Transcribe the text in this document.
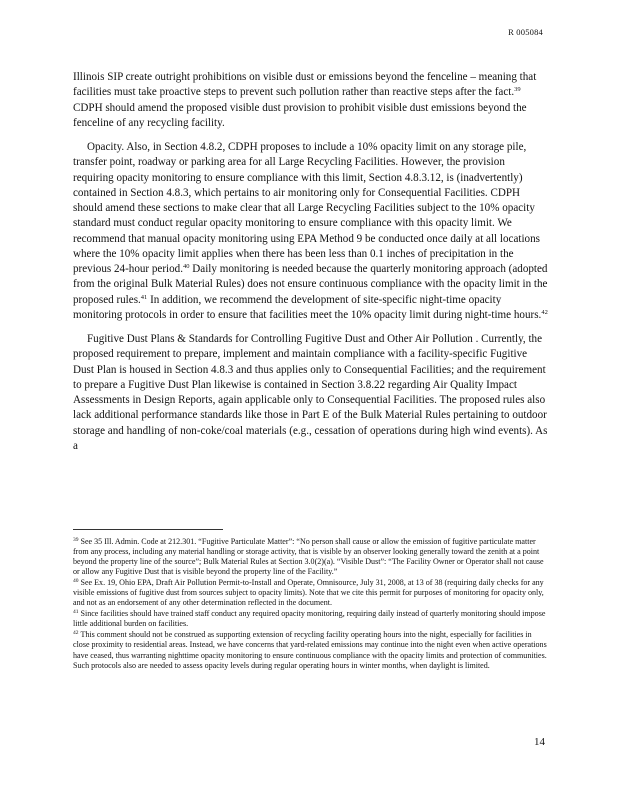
R 005084

Illinois SIP create outright prohibitions on visible dust or emissions beyond the fenceline – meaning that facilities must take proactive steps to prevent such pollution rather than reactive steps after the fact.$^{39}$ CDPH should amend the proposed visible dust provision to prohibit visible dust emissions beyond the fenceline of any recycling facility.

Opacity. Also, in Section 4.8.2, CDPH proposes to include a 10% opacity limit on any storage pile, transfer point, roadway or parking area for all Large Recycling Facilities. However, the provision requiring opacity monitoring to ensure compliance with this limit, Section 4.8.3.12, is (inadvertently) contained in Section 4.8.3, which pertains to air monitoring only for Consequential Facilities. CDPH should amend these sections to make clear that all Large Recycling Facilities subject to the 10% opacity standard must conduct regular opacity monitoring to ensure compliance with this opacity limit. We recommend that manual opacity monitoring using EPA Method 9 be conducted once daily at all locations where the 10% opacity limit applies when there has been less than 0.1 inches of precipitation in the previous 24-hour period.$^{40}$ Daily monitoring is needed because the quarterly monitoring approach (adopted from the original Bulk Material Rules) does not ensure continuous compliance with the opacity limit in the proposed rules.$^{41}$ In addition, we recommend the development of site-specific night-time opacity monitoring protocols in order to ensure that facilities meet the 10% opacity limit during night-time hours.$^{42}$

Fugitive Dust Plans & Standards for Controlling Fugitive Dust and Other Air Pollution . Currently, the proposed requirement to prepare, implement and maintain compliance with a facility-specific Fugitive Dust Plan is housed in Section 4.8.3 and thus applies only to Consequential Facilities; and the requirement to prepare a Fugitive Dust Plan likewise is contained in Section 3.8.22 regarding Air Quality Impact Assessments in Design Reports, again applicable only to Consequential Facilities. The proposed rules also lack additional performance standards like those in Part E of the Bulk Material Rules pertaining to outdoor storage and handling of non-coke/coal materials (e.g., cessation of operations during high wind events). As a

$^{39}$ See 35 Ill. Admin. Code at 212.301. “Fugitive Particulate Matter”: “No person shall cause or allow the emission of fugitive particulate matter from any process, including any material handling or storage activity, that is visible by an observer looking generally toward the zenith at a point beyond the property line of the source”; Bulk Material Rules at Section 3.0(2)(a). “Visible Dust”: “The Facility Owner or Operator shall not cause or allow any Fugitive Dust that is visible beyond the property line of the Facility.”
$^{40}$ See Ex. 19, Ohio EPA, Draft Air Pollution Permit-to-Install and Operate, Omnisource, July 31, 2008, at 13 of 38 (requiring daily checks for any visible emissions of fugitive dust from sources subject to opacity limits). Note that we cite this permit for purposes of monitoring for opacity only, and not as an endorsement of any other determination reflected in the document.
$^{41}$ Since facilities should have trained staff conduct any required opacity monitoring, requiring daily instead of quarterly monitoring should impose little additional burden on facilities.
$^{42}$ This comment should not be construed as supporting extension of recycling facility operating hours into the night, especially for facilities in close proximity to residential areas. Instead, we have concerns that yard-related emissions may continue into the night even when active operations have ceased, thus warranting nighttime opacity monitoring to ensure continuous compliance with the opacity limits and protection of communities. Such protocols also are needed to assess opacity levels during regular operating hours in winter months, when daylight is limited.
14
